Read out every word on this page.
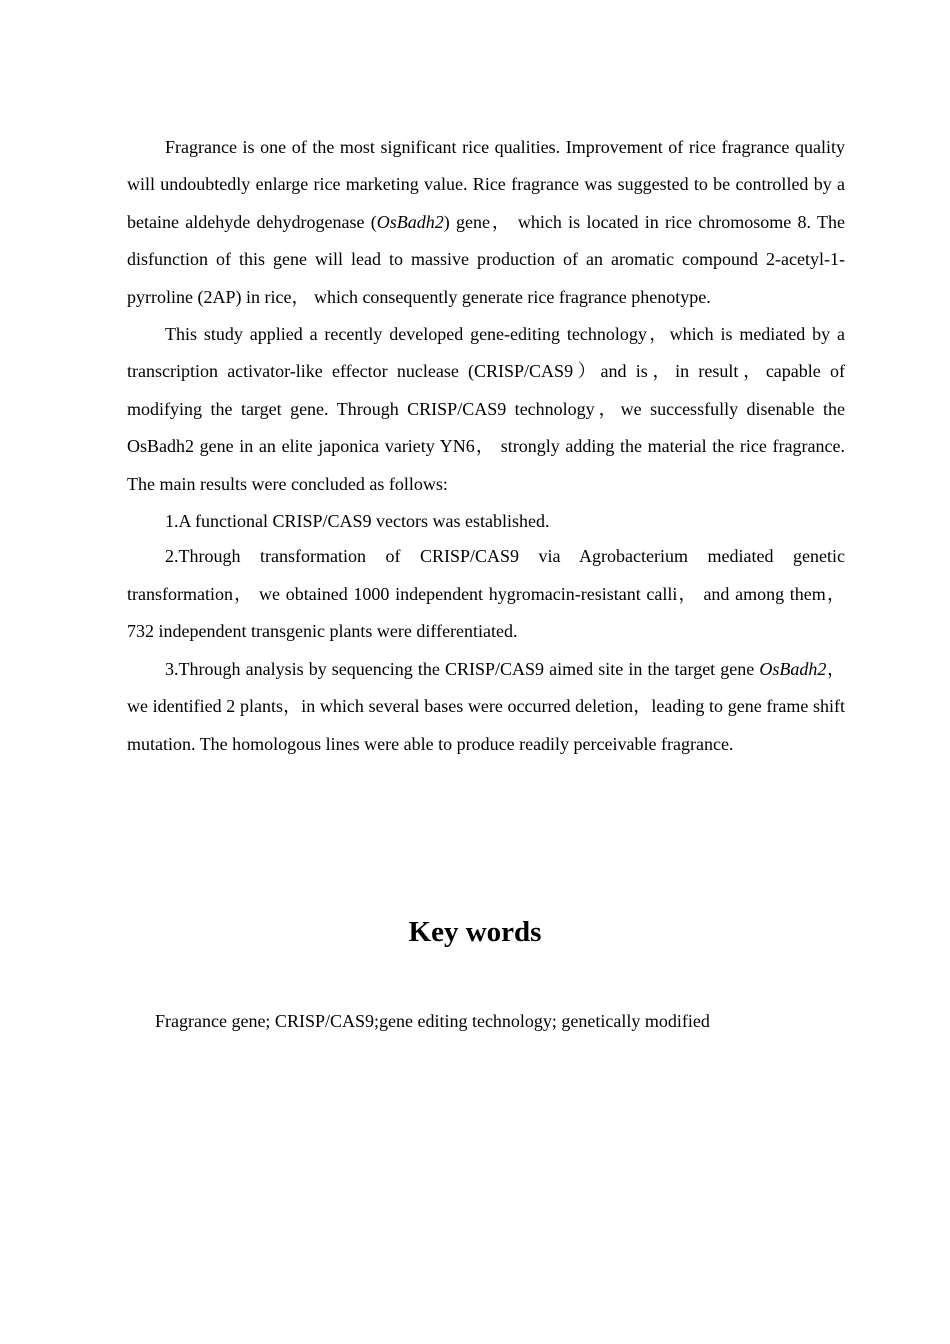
Fragrance is one of the most significant rice qualities. Improvement of rice fragrance quality will undoubtedly enlarge rice marketing value. Rice fragrance was suggested to be controlled by a betaine aldehyde dehydrogenase (OsBadh2) gene， which is located in rice chromosome 8. The disfunction of this gene will lead to massive production of an aromatic compound 2-acetyl-1-pyrroline (2AP) in rice， which consequently generate rice fragrance phenotype.

This study applied a recently developed gene-editing technology，which is mediated by a transcription activator-like effector nuclease (CRISP/CAS9）and is，in result，capable of modifying the target gene. Through CRISP/CAS9 technology，we successfully disenable the OsBadh2 gene in an elite japonica variety YN6， strongly adding the material the rice fragrance. The main results were concluded as follows:

1.A functional CRISP/CAS9 vectors was established.

2.Through transformation of CRISP/CAS9 via Agrobacterium mediated genetic transformation， we obtained 1000 independent hygromacin-resistant calli， and among them，732 independent transgenic plants were differentiated.

3.Through analysis by sequencing the CRISP/CAS9 aimed site in the target gene OsBadh2，we identified 2 plants，in which several bases were occurred deletion，leading to gene frame shift mutation. The homologous lines were able to produce readily perceivable fragrance.

Key words

Fragrance gene; CRISP/CAS9;gene editing technology; genetically modified
